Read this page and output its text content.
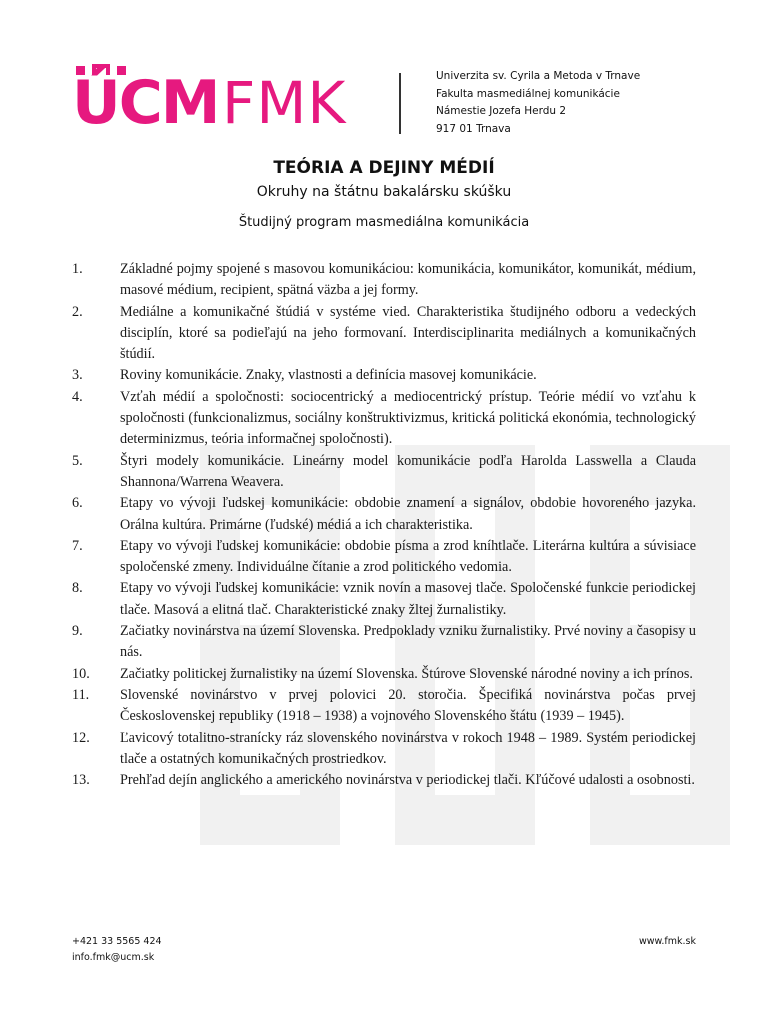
ÚCM FMK	Univerzita sv. Cyrila a Metoda v Trnave
Fakulta masmediálnej komunikácie
Námestie Jozefa Herdu 2
917 01 Trnava
TEÓRIA A DEJINY MÉDIÍ
Okruhy na štátnu bakalársku skúšku
Študijný program masmediálna komunikácia
1.	Základné pojmy spojené s masovou komunikáciou: komunikácia, komunikátor, komunikát, médium, masové médium, recipient, spätná väzba a jej formy.
2.	Mediálne a komunikačné štúdiá v systéme vied. Charakteristika študijného odboru a vedeckých disciplín, ktoré sa podieľajú na jeho formovaní. Interdisciplinarita mediálnych a komunikačných štúdií.
3.	Roviny komunikácie. Znaky, vlastnosti a definícia masovej komunikácie.
4.	Vzťah médií a spoločnosti: sociocentrický a mediocentrický prístup. Teórie médií vo vzťahu k spoločnosti (funkcionalizmus, sociálny konštruktivizmus, kritická politická ekonómia, technologický determinizmus, teória informačnej spoločnosti).
5.	Štyri modely komunikácie. Lineárny model komunikácie podľa Harolda Lasswella a Clauda Shannona/Warrena Weavera.
6.	Etapy vo vývoji ľudskej komunikácie: obdobie znamení a signálov, obdobie hovoreného jazyka. Orálna kultúra. Primárne (ľudské) médiá a ich charakteristika.
7.	Etapy vo vývoji ľudskej komunikácie: obdobie písma a zrod kníhtlače. Literárna kultúra a súvisiace spoločenské zmeny. Individuálne čítanie a zrod politického vedomia.
8.	Etapy vo vývoji ľudskej komunikácie: vznik novín a masovej tlače. Spoločenské funkcie periodickej tlače. Masová a elitná tlač. Charakteristické znaky žltej žurnalistiky.
9.	Začiatky novinárstva na území Slovenska. Predpoklady vzniku žurnalistiky. Prvé noviny a časopisy u nás.
10.	Začiatky politickej žurnalistiky na území Slovenska. Štúrove Slovenské národné noviny a ich prínos.
11.	Slovenské novinárstvo v prvej polovici 20. storočia. Špecifiká novinárstva počas prvej Československej republiky (1918 – 1938) a vojnového Slovenského štátu (1939 – 1945).
12.	Ľavicový totalitno-stranícky ráz slovenského novinárstva v rokoch 1948 – 1989. Systém periodickej tlače a ostatných komunikačných prostriedkov.
13.	Prehľad dejín anglického a amerického novinárstva v periodickej tlači. Kľúčové udalosti a osobnosti.
+421 33 5565 424
info.fmk@ucm.sk
www.fmk.sk
